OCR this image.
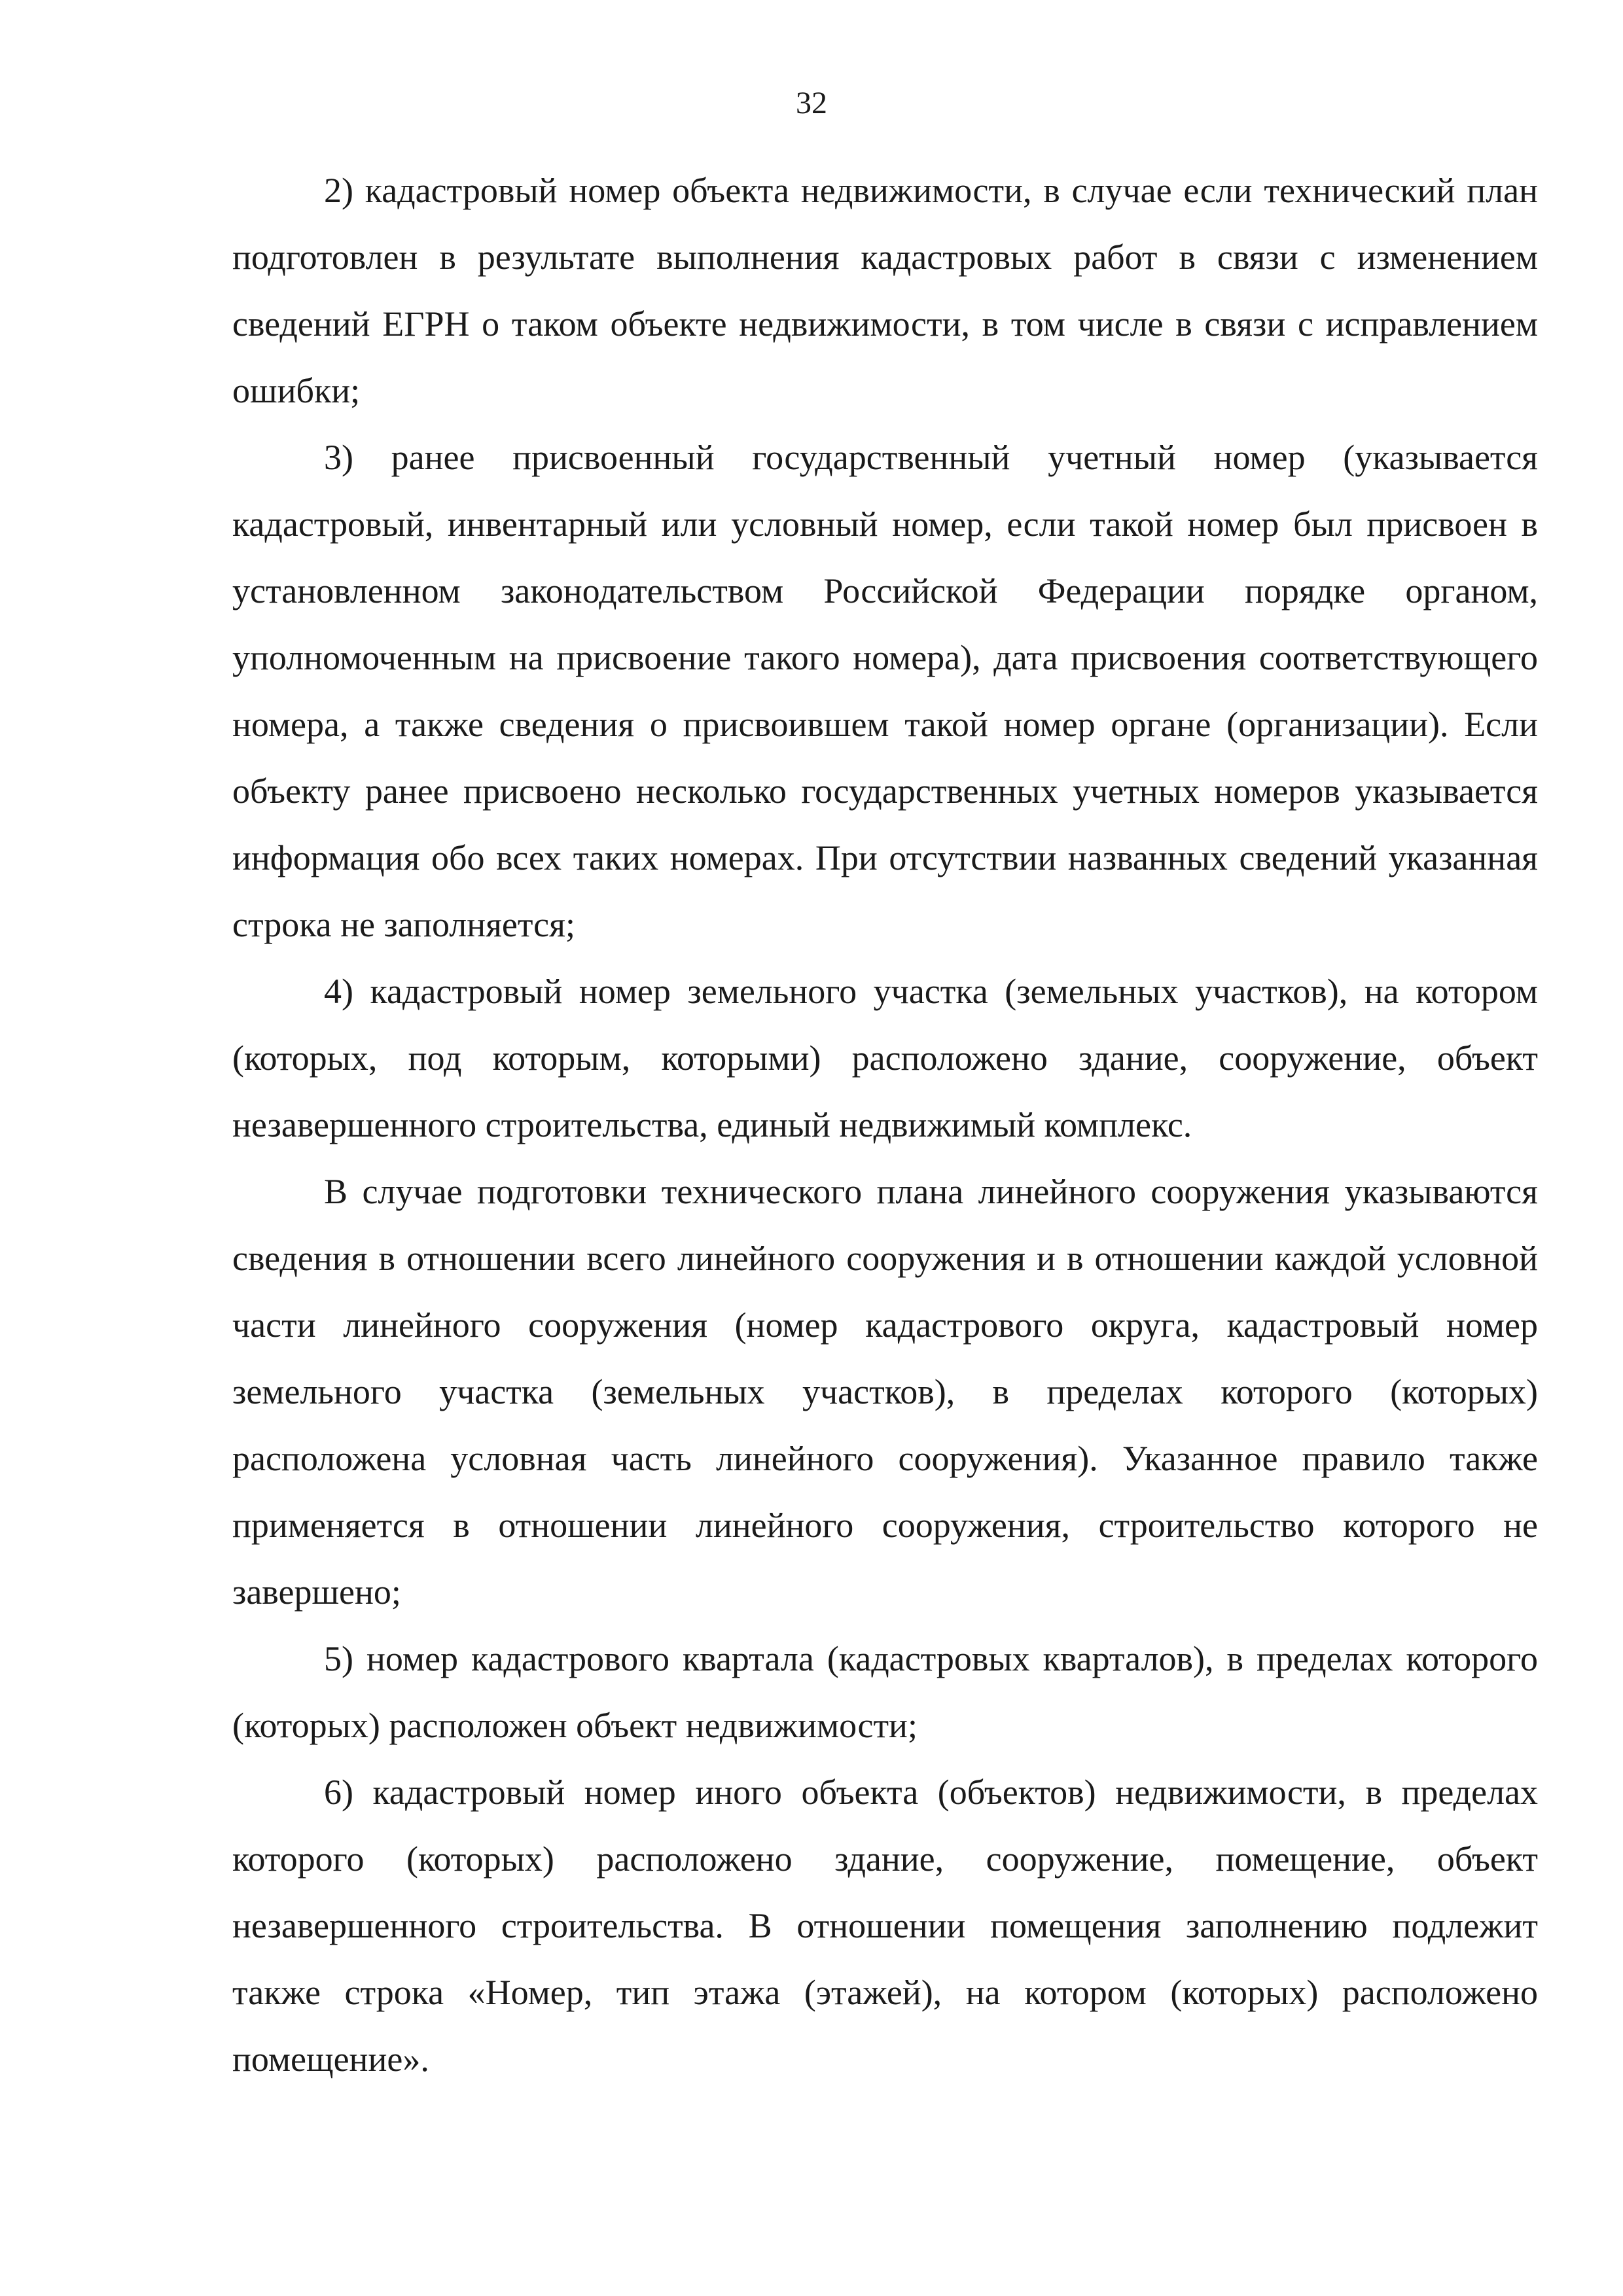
32

2) кадастровый номер объекта недвижимости, в случае если технический план подготовлен в результате выполнения кадастровых работ в связи с изменением сведений ЕГРН о таком объекте недвижимости, в том числе в связи с исправлением ошибки;

3) ранее присвоенный государственный учетный номер (указывается кадастровый, инвентарный или условный номер, если такой номер был присвоен в установленном законодательством Российской Федерации порядке органом, уполномоченным на присвоение такого номера), дата присвоения соответствующего номера, а также сведения о присвоившем такой номер органе (организации). Если объекту ранее присвоено несколько государственных учетных номеров указывается информация обо всех таких номерах. При отсутствии названных сведений указанная строка не заполняется;

4) кадастровый номер земельного участка (земельных участков), на котором (которых, под которым, которыми) расположено здание, сооружение, объект незавершенного строительства, единый недвижимый комплекс.

В случае подготовки технического плана линейного сооружения указываются сведения в отношении всего линейного сооружения и в отношении каждой условной части линейного сооружения (номер кадастрового округа, кадастровый номер земельного участка (земельных участков), в пределах которого (которых) расположена условная часть линейного сооружения). Указанное правило также применяется в отношении линейного сооружения, строительство которого не завершено;

5) номер кадастрового квартала (кадастровых кварталов), в пределах которого (которых) расположен объект недвижимости;

6) кадастровый номер иного объекта (объектов) недвижимости, в пределах которого (которых) расположено здание, сооружение, помещение, объект незавершенного строительства. В отношении помещения заполнению подлежит также строка «Номер, тип этажа (этажей), на котором (которых) расположено помещение».
